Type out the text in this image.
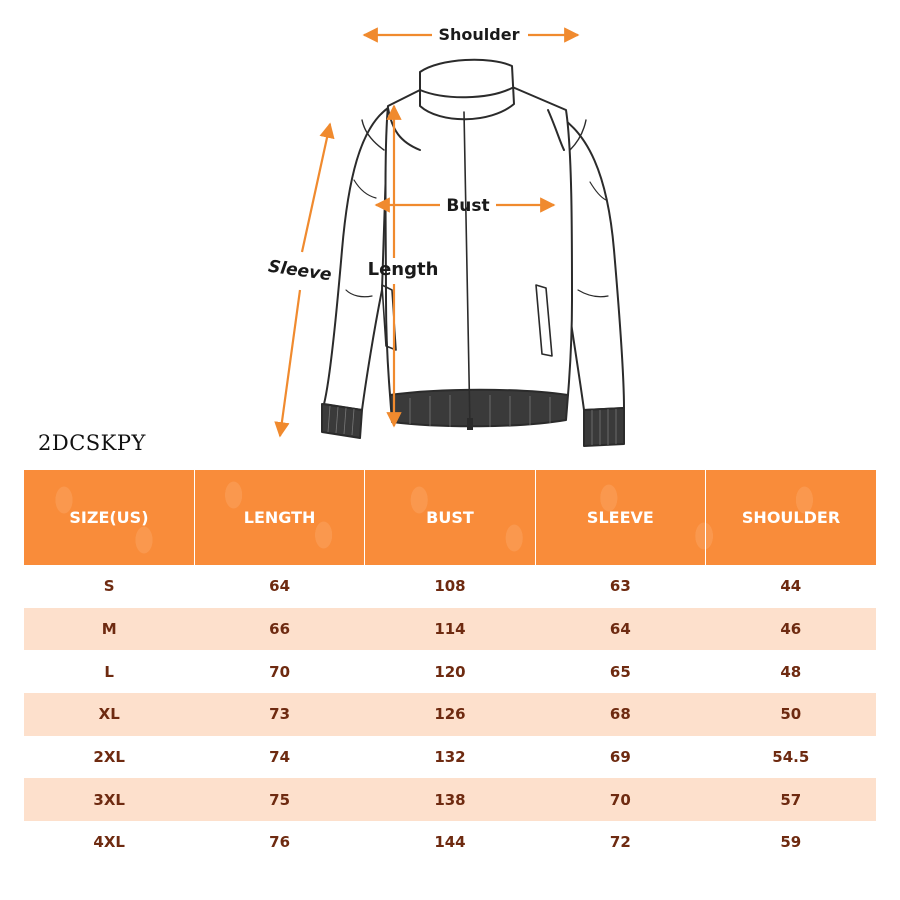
Shoulder
Bust
Length
Sleeve
2DCSKPY
SIZE(US)	LENGTH	BUST	SLEEVE	SHOULDER
S	64	108	63	44
M	66	114	64	46
L	70	120	65	48
XL	73	126	68	50
2XL	74	132	69	54.5
3XL	75	138	70	57
4XL	76	144	72	59
